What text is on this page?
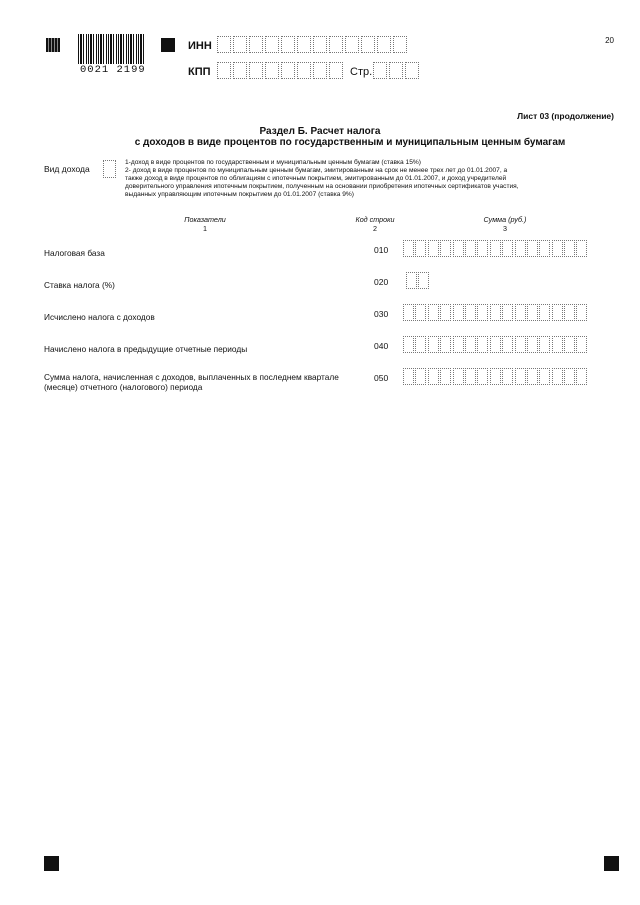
0021 2199
ИНН
КПП	Стр.
20
Лист 03 (продолжение)
Раздел Б. Расчет налога
с доходов в виде процентов по государственным и муниципальным ценным бумагам
Вид дохода
1-доход в виде процентов по государственным и муниципальным ценным бумагам (ставка 15%)
2- доход в виде процентов по муниципальным ценным бумагам, эмитированным на срок не менее трех лет до 01.01.2007, а
также доход в виде процентов по облигациям с ипотечным покрытием, эмитированным до 01.01.2007, и доход учредителей
доверительного управления ипотечным покрытием, полученным на основании приобретения ипотечных сертификатов участия,
выданных управляющим ипотечным покрытием до 01.01.2007 (ставка 9%)
Показатели
1
Код строки
2
Сумма (руб.)
3
Налоговая база	010
Ставка налога (%)	020
Исчислено налога с доходов	030
Начислено налога в предыдущие отчетные периоды	040
Сумма налога, начисленная с доходов, выплаченных в последнем квартале (месяце) отчетного (налогового) периода
050
